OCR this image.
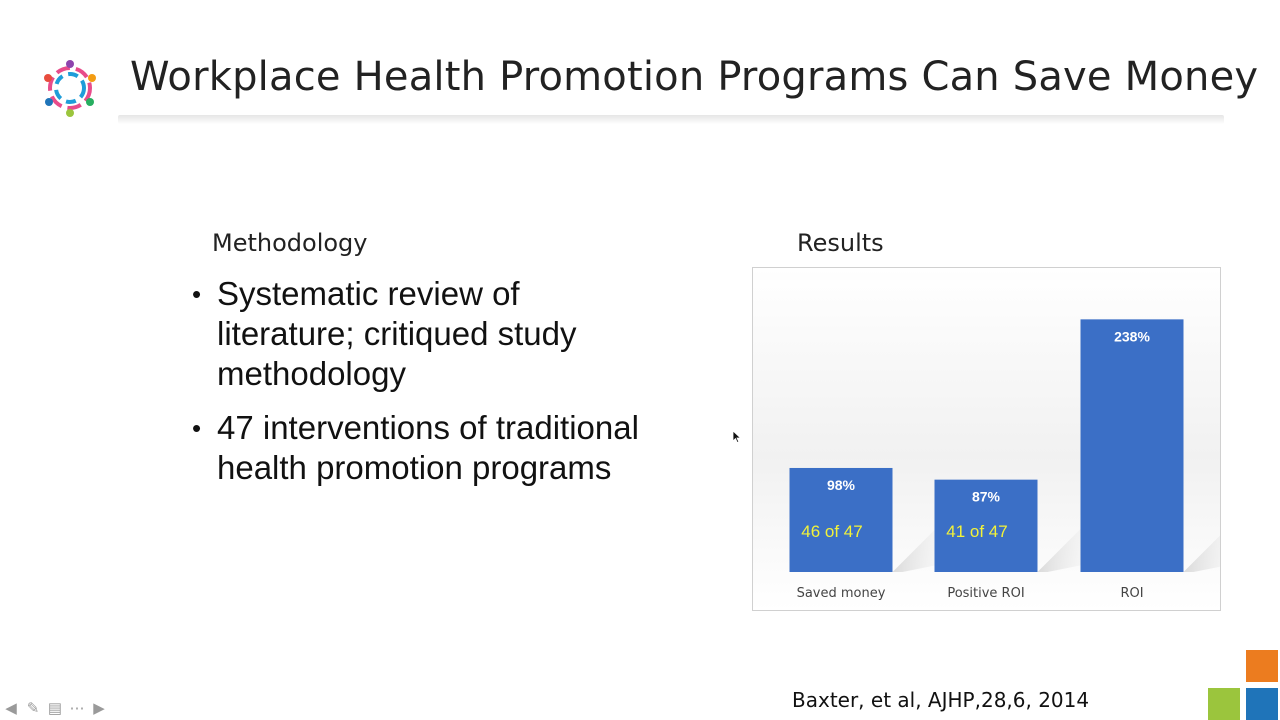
Workplace Health Promotion Programs Can Save Money
Methodology	Results
• Systematic review of literature; critiqued study methodology
• 47 interventions of traditional health promotion programs	98%
46 of 47
Saved money
87%
41 of 47
Positive ROI
238%
ROI
Baxter, et al, AJHP,28,6, 2014
◀ ✎ ▤ ⋯ ▶
